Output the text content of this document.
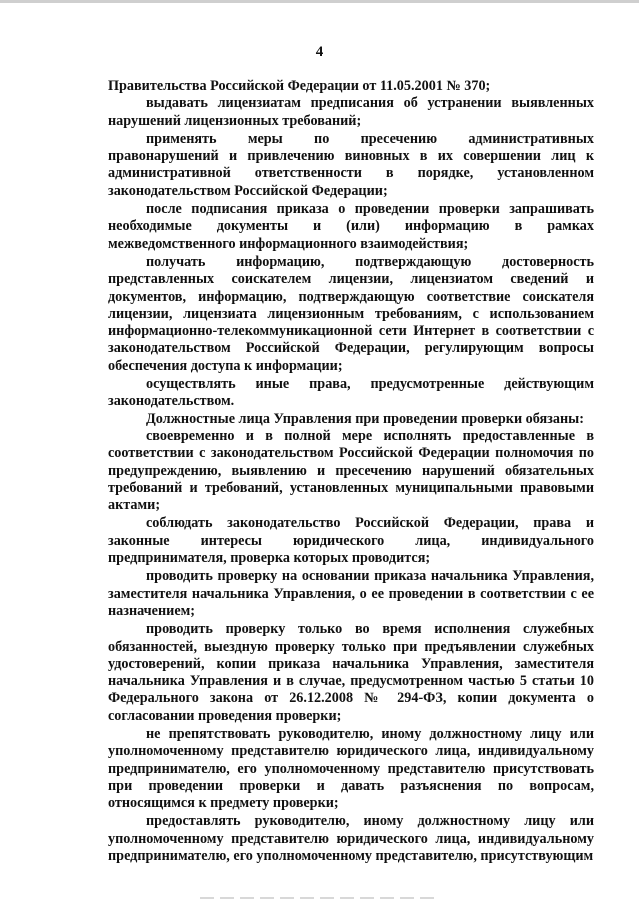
4

Правительства Российской Федерации от 11.05.2001 № 370;

выдавать лицензиатам предписания об устранении выявленных нарушений лицензионных требований;

применять меры по пресечению административных правонарушений и привлечению виновных в их совершении лиц к административной ответственности в порядке, установленном законодательством Российской Федерации;

после подписания приказа о проведении проверки запрашивать необходимые документы и (или) информацию в рамках межведомственного информационного взаимодействия;

получать информацию, подтверждающую достоверность представленных соискателем лицензии, лицензиатом сведений и документов, информацию, подтверждающую соответствие соискателя лицензии, лицензиата лицензионным требованиям, с использованием информационно-телекоммуникационной сети Интернет в соответствии с законодательством Российской Федерации, регулирующим вопросы обеспечения доступа к информации;

осуществлять иные права, предусмотренные действующим законодательством.

Должностные лица Управления при проведении проверки обязаны:

своевременно и в полной мере исполнять предоставленные в соответствии с законодательством Российской Федерации полномочия по предупреждению, выявлению и пресечению нарушений обязательных требований и требований, установленных муниципальными правовыми актами;

соблюдать законодательство Российской Федерации, права и законные интересы юридического лица, индивидуального предпринимателя, проверка которых проводится;

проводить проверку на основании приказа начальника Управления, заместителя начальника Управления, о ее проведении в соответствии с ее назначением;

проводить проверку только во время исполнения служебных обязанностей, выездную проверку только при предъявлении служебных удостоверений, копии приказа начальника Управления, заместителя начальника Управления и в случае, предусмотренном частью 5 статьи 10 Федерального закона от 26.12.2008 № 294-ФЗ, копии документа о согласовании проведения проверки;

не препятствовать руководителю, иному должностному лицу или уполномоченному представителю юридического лица, индивидуальному предпринимателю, его уполномоченному представителю присутствовать при проведении проверки и давать разъяснения по вопросам, относящимся к предмету проверки;

предоставлять руководителю, иному должностному лицу или уполномоченному представителю юридического лица, индивидуальному предпринимателю, его уполномоченному представителю, присутствующим
